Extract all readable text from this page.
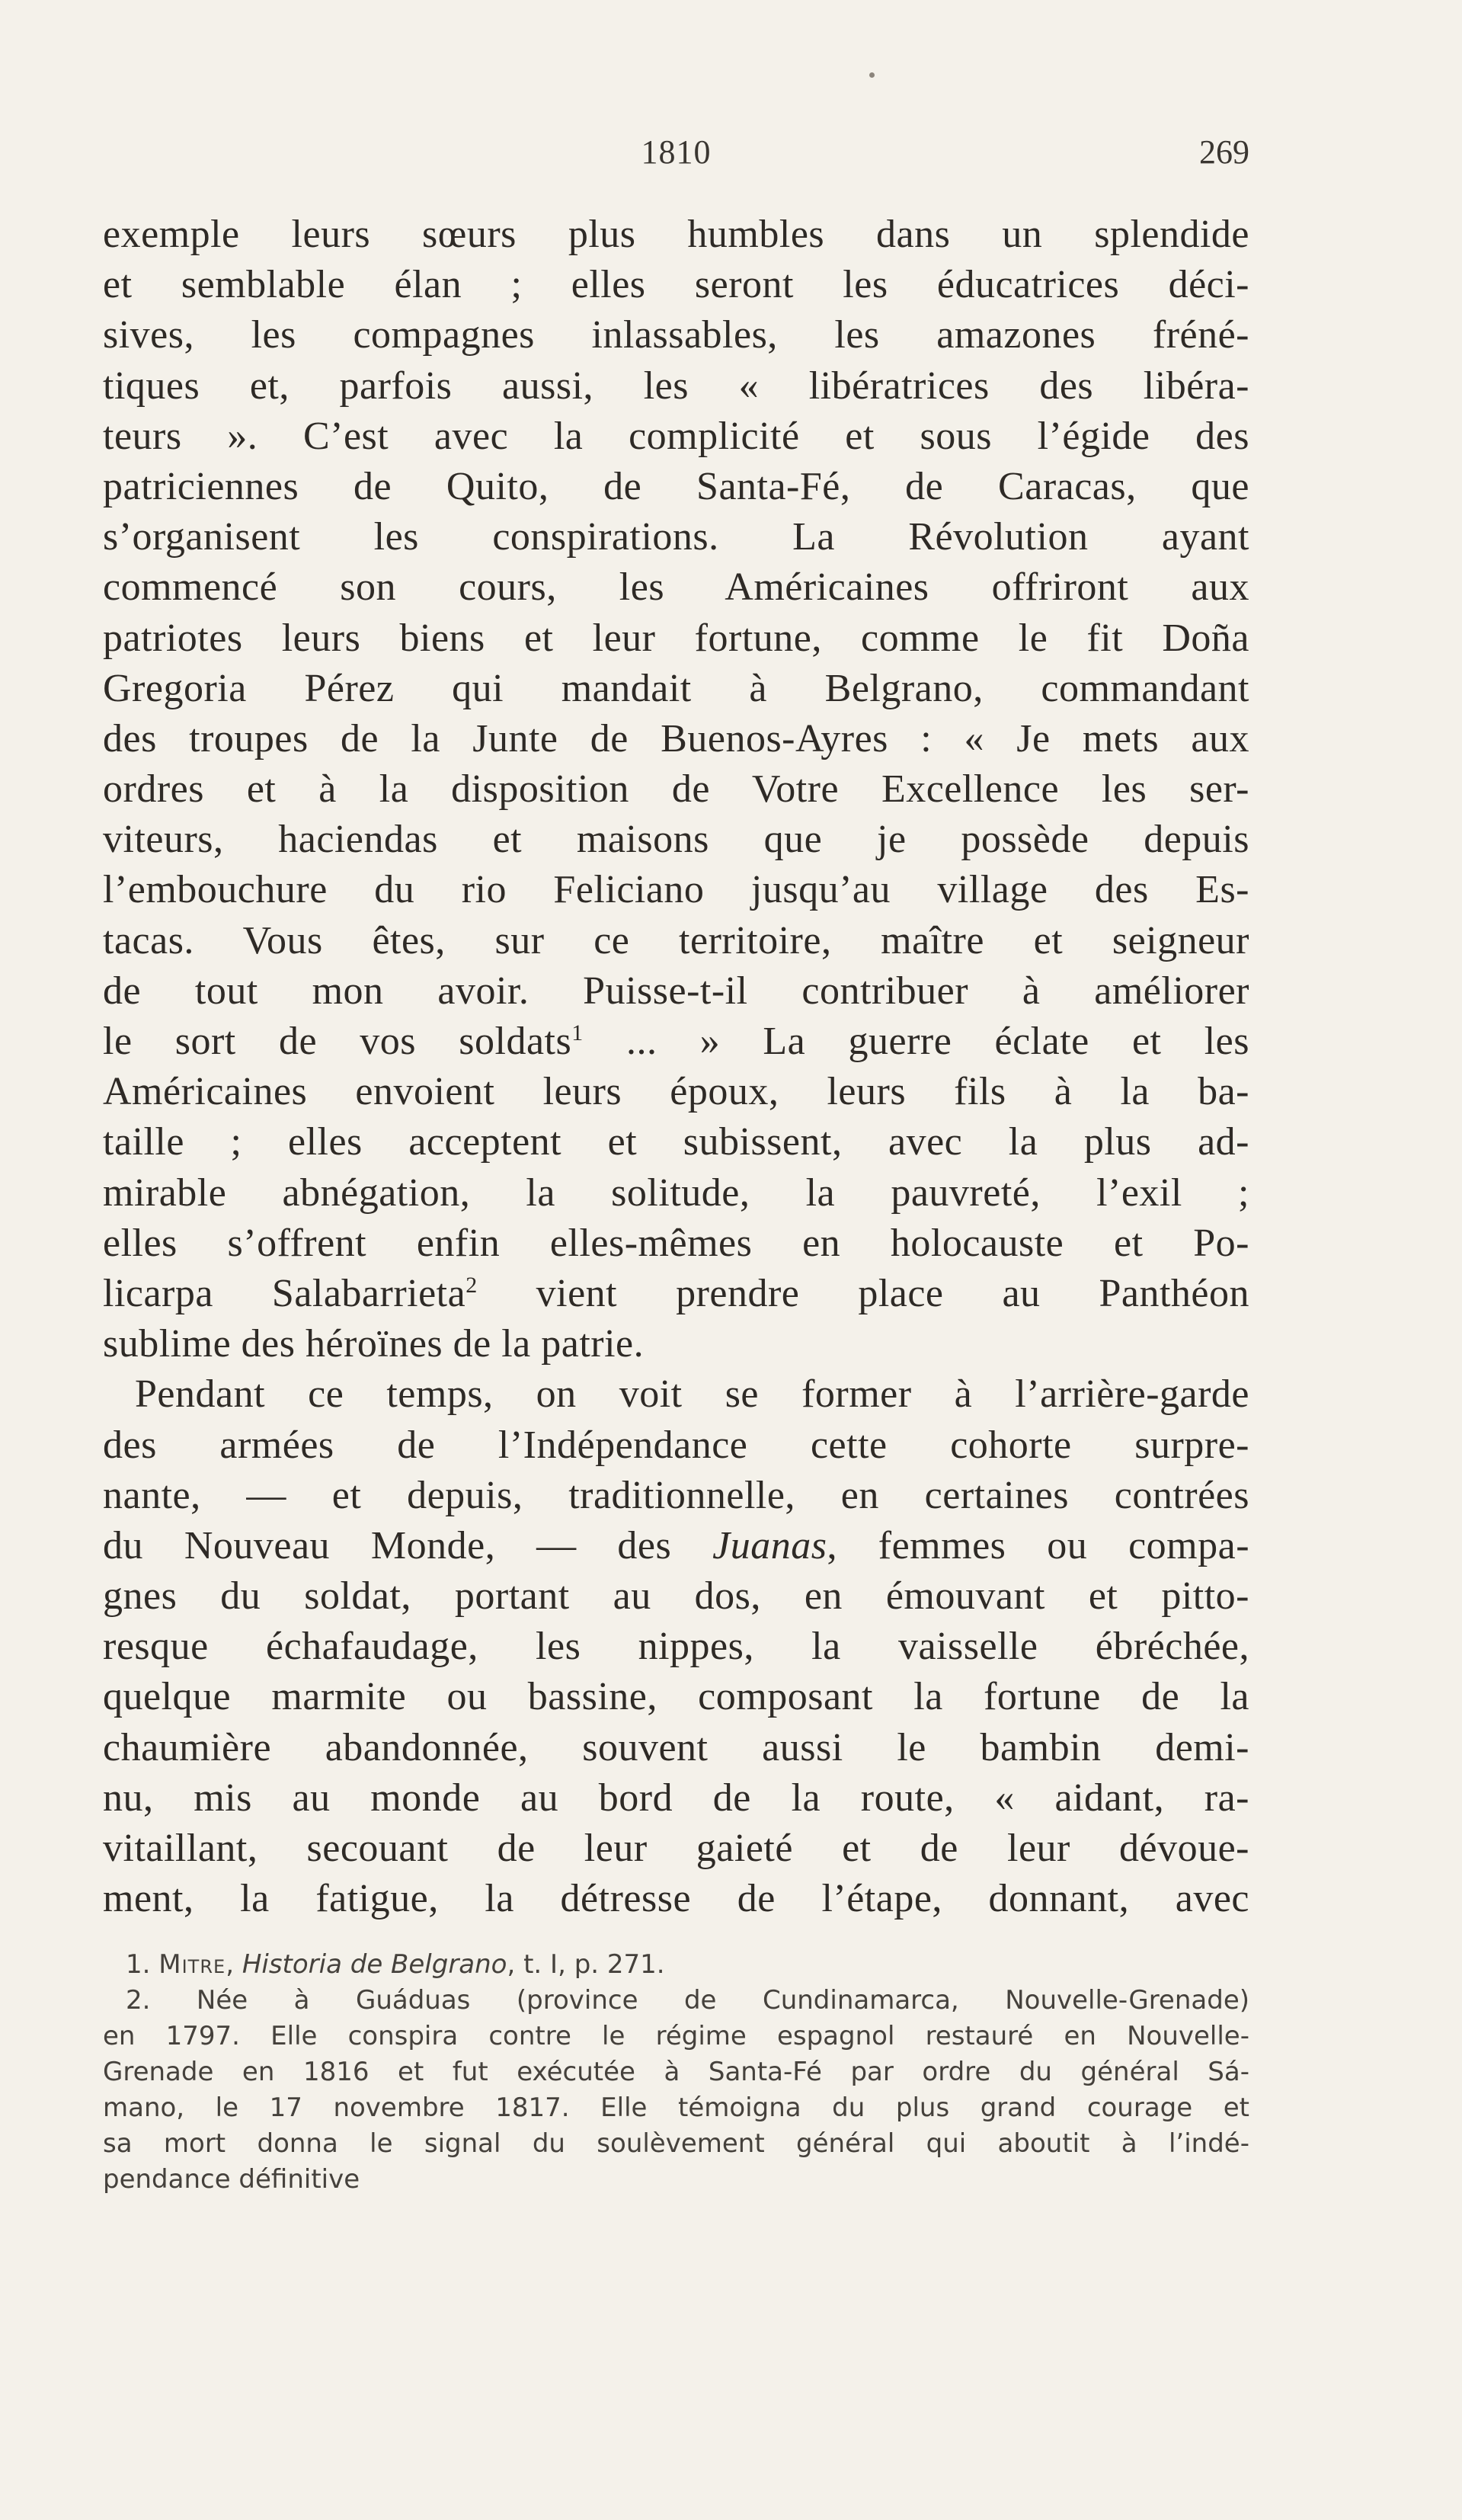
1810	269
exemple leurs sœurs plus humbles dans un splendide
et semblable élan ; elles seront les éducatrices déci-
sives, les compagnes inlassables, les amazones fréné-
tiques et, parfois aussi, les « libératrices des libéra-
teurs ». C’est avec la complicité et sous l’égide des
patriciennes de Quito, de Santa-Fé, de Caracas, que
s’organisent les conspirations. La Révolution ayant
commencé son cours, les Américaines offriront aux
patriotes leurs biens et leur fortune, comme le fit Doña
Gregoria Pérez qui mandait à Belgrano, commandant
des troupes de la Junte de Buenos-Ayres : « Je mets aux
ordres et à la disposition de Votre Excellence les ser-
viteurs, haciendas et maisons que je possède depuis
l’embouchure du rio Feliciano jusqu’au village des Es-
tacas. Vous êtes, sur ce territoire, maître et seigneur
de tout mon avoir. Puisse-t-il contribuer à améliorer
le sort de vos soldats$^1$ ... » La guerre éclate et les
Américaines envoient leurs époux, leurs fils à la ba-
taille ; elles acceptent et subissent, avec la plus ad-
mirable abnégation, la solitude, la pauvreté, l’exil ;
elles s’offrent enfin elles-mêmes en holocauste et Po-
licarpa Salabarrieta$^2$ vient prendre place au Panthéon
sublime des héroïnes de la patrie.
Pendant ce temps, on voit se former à l’arrière-garde
des armées de l’Indépendance cette cohorte surpre-
nante, — et depuis, traditionnelle, en certaines contrées
du Nouveau Monde, — des Juanas, femmes ou compa-
gnes du soldat, portant au dos, en émouvant et pitto-
resque échafaudage, les nippes, la vaisselle ébréchée,
quelque marmite ou bassine, composant la fortune de la
chaumière abandonnée, souvent aussi le bambin demi-
nu, mis au monde au bord de la route, « aidant, ra-
vitaillant, secouant de leur gaieté et de leur dévoue-
ment, la fatigue, la détresse de l’étape, donnant, avec
1. Mitre, Historia de Belgrano, t. I, p. 271.
2. Née à Guáduas (province de Cundinamarca, Nouvelle-Grenade)
en 1797. Elle conspira contre le régime espagnol restauré en Nouvelle-
Grenade en 1816 et fut exécutée à Santa-Fé par ordre du général Sá-
mano, le 17 novembre 1817. Elle témoigna du plus grand courage et
sa mort donna le signal du soulèvement général qui aboutit à l’indé-
pendance définitive
